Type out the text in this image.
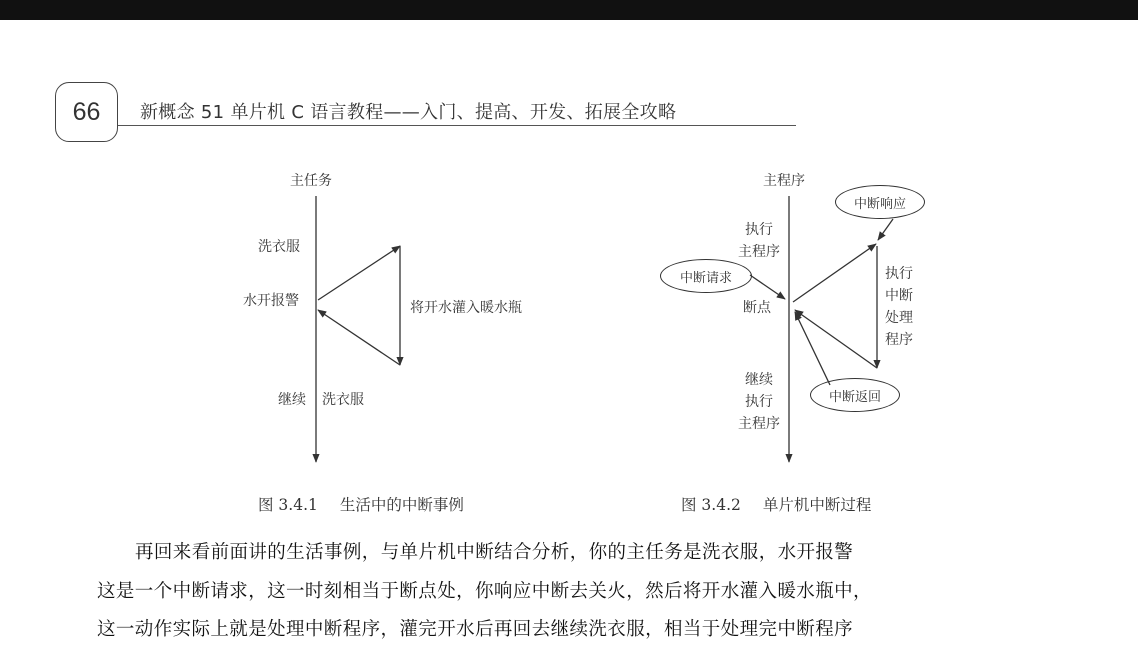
66	新概念 51 单片机 C 语言教程——入门、提高、开发、拓展全攻略
主任务
洗衣服
水开报警	将开水灌入暖水瓶
继续 洗衣服
主程序
执行
主程序
中断请求
断点
中断响应
执行
中断
处理
程序
中断返回
继续
执行
主程序
图 3.4.1 生活中的中断事例	图 3.4.2 单片机中断过程

再回来看前面讲的生活事例，与单片机中断结合分析，你的主任务是洗衣服，水开报警

这是一个中断请求，这一时刻相当于断点处，你响应中断去关火，然后将开水灌入暖水瓶中，

这一动作实际上就是处理中断程序，灌完开水后再回去继续洗衣服，相当于处理完中断程序
